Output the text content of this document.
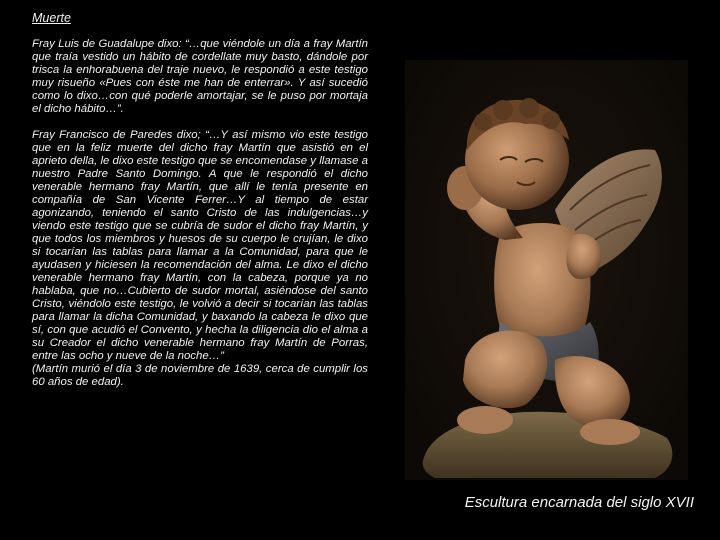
Muerte

Fray Luis de Guadalupe dixo: “…que viéndole un día a fray Martín que traía vestido un hábito de cordellate muy basto, dándole por trisca la enhorabuena del traje nuevo, le respondió a este testigo muy risueño «Pues con éste me han de enterrar». Y así sucedió como lo dixo…con qué poderle amortajar, se le puso por mortaja el dicho hábito…”.

Fray Francisco de Paredes dixo; “…Y así mismo vio este testigo que en la feliz muerte del dicho fray Martín que asistió en el aprieto della, le dixo este testigo que se encomendase y llamase a nuestro Padre Santo Domingo. A que le respondió el dicho venerable hermano fray Martín, que allí le tenía presente en compañía de San Vicente Ferrer…Y al tiempo de estar agonizando, teniendo el santo Cristo de las indulgencias…y viendo este testigo que se cubría de sudor el dicho fray Martín, y que todos los miembros y huesos de su cuerpo le crujían, le dixo si tocarían las tablas para llamar a la Comunidad, para que le ayudasen y hiciesen la recomendación del alma. Le dixo el dicho venerable hermano fray Martín, con la cabeza, porque ya no hablaba, que no…Cubierto de sudor mortal, asiéndose del santo Cristo, viéndolo este testigo, le volvió a decir si tocarían las tablas para llamar la dicha Comunidad, y baxando la cabeza le dixo que sí, con que acudió el Convento, y hecha la diligencia dio el alma a su Creador el dicho venerable hermano fray Martín de Porras, entre las ocho y nueve de la noche…”
(Martín murió el día 3 de noviembre de 1639, cerca de cumplir los 60 años de edad).

Escultura encarnada del siglo XVII
